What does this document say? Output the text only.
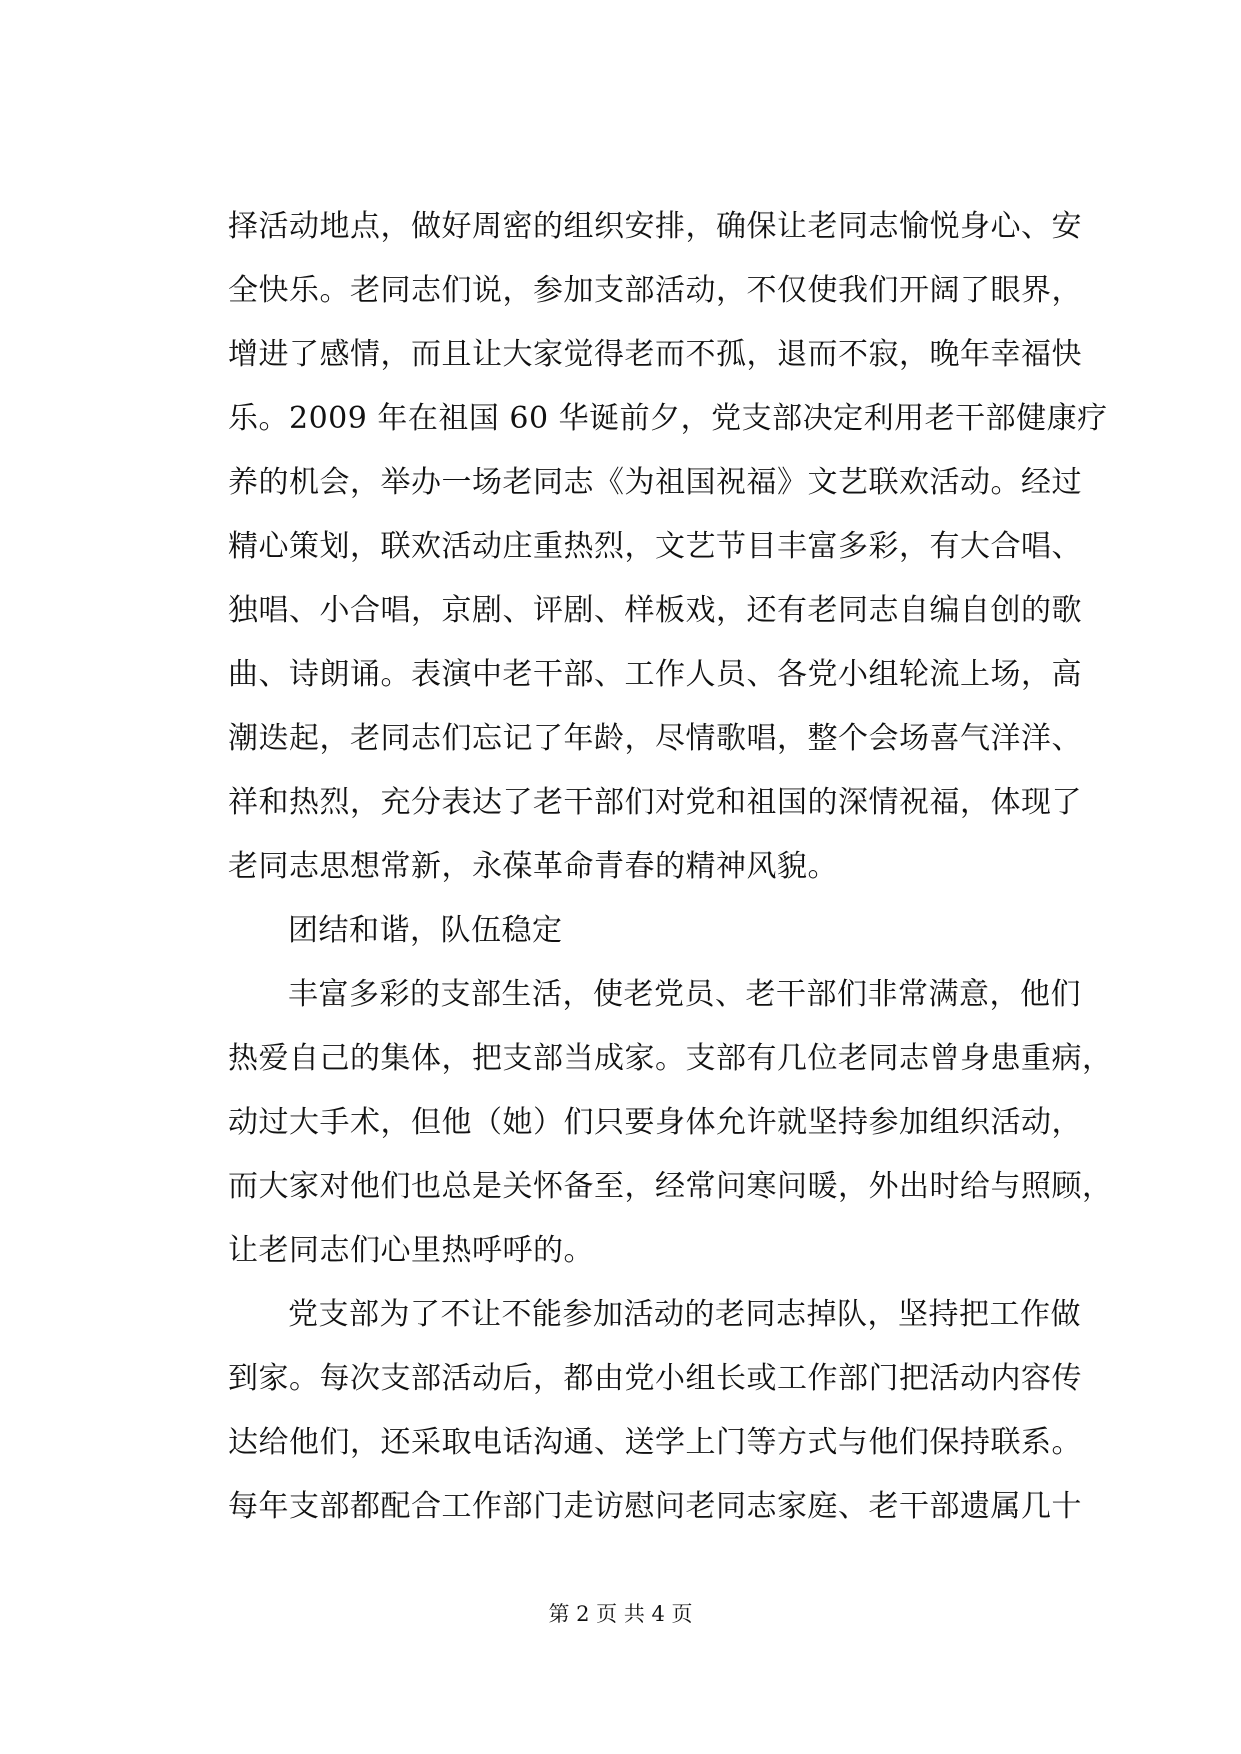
择活动地点，做好周密的组织安排，确保让老同志愉悦身心、安
全快乐。老同志们说，参加支部活动，不仅使我们开阔了眼界，
增进了感情，而且让大家觉得老而不孤，退而不寂，晚年幸福快
乐。2009 年在祖国 60 华诞前夕，党支部决定利用老干部健康疗
养的机会，举办一场老同志《为祖国祝福》文艺联欢活动。经过
精心策划，联欢活动庄重热烈，文艺节目丰富多彩，有大合唱、
独唱、小合唱，京剧、评剧、样板戏，还有老同志自编自创的歌
曲、诗朗诵。表演中老干部、工作人员、各党小组轮流上场，高
潮迭起，老同志们忘记了年龄，尽情歌唱，整个会场喜气洋洋、
祥和热烈，充分表达了老干部们对党和祖国的深情祝福，体现了
老同志思想常新，永葆革命青春的精神风貌。
团结和谐，队伍稳定
丰富多彩的支部生活，使老党员、老干部们非常满意，他们
热爱自己的集体，把支部当成家。支部有几位老同志曾身患重病，
动过大手术，但他（她）们只要身体允许就坚持参加组织活动，
而大家对他们也总是关怀备至，经常问寒问暖，外出时给与照顾，
让老同志们心里热呼呼的。
党支部为了不让不能参加活动的老同志掉队，坚持把工作做
到家。每次支部活动后，都由党小组长或工作部门把活动内容传
达给他们，还采取电话沟通、送学上门等方式与他们保持联系。
每年支部都配合工作部门走访慰问老同志家庭、老干部遗属几十
第 2 页 共 4 页
